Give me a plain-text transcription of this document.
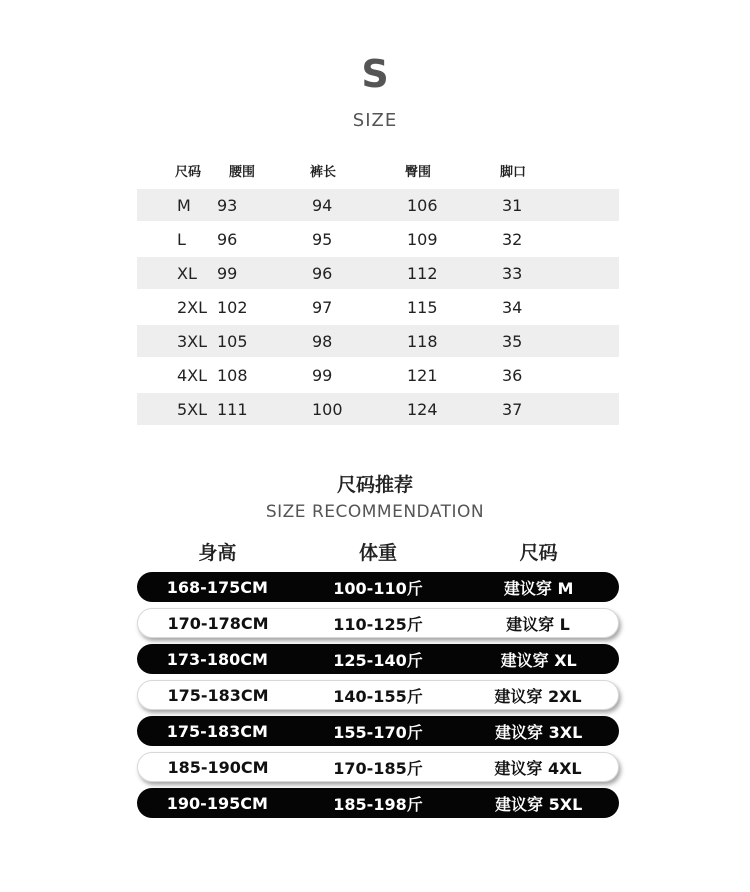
S
SIZE
尺码	腰围	裤长	臀围	脚口
M	93	94	106	31
L	96	95	109	32
XL	99	96	112	33
2XL 102	97	115	34
3XL 105	98	118	35
4XL 108	99	121	36
5XL 111	100	124	37
尺码推荐
SIZE RECOMMENDATION
身高	体重	尺码
168-175CM	100-110斤	建议穿 M
170-178CM	110-125斤	建议穿 L
173-180CM	125-140斤	建议穿 XL
175-183CM	140-155斤	建议穿 2XL
175-183CM	155-170斤	建议穿 3XL
185-190CM	170-185斤	建议穿 4XL
190-195CM	185-198斤	建议穿 5XL
